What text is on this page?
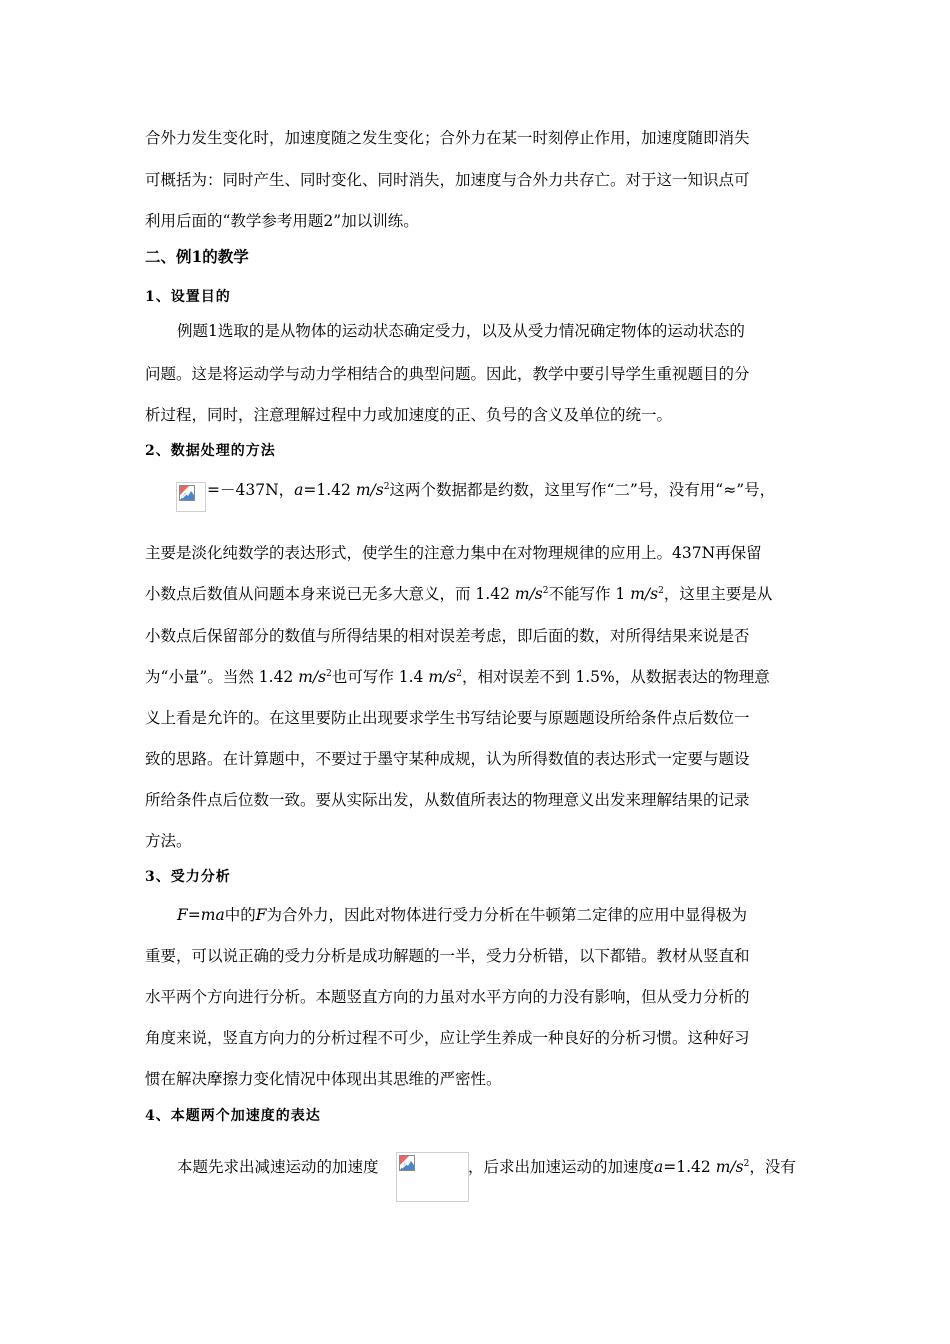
合外力发生变化时，加速度随之发生变化；合外力在某一时刻停止作用，加速度随即消失
可概括为：同时产生、同时变化、同时消失，加速度与合外力共存亡。对于这一知识点可
利用后面的“教学参考用题2”加以训练。
二、例1的教学
1、设置目的
例题1选取的是从物体的运动状态确定受力，以及从受力情况确定物体的运动状态的
问题。这是将运动学与动力学相结合的典型问题。因此，教学中要引导学生重视题目的分
析过程，同时，注意理解过程中力或加速度的正、负号的含义及单位的统一。
2、数据处理的方法
=－437N，a=1.42 $m/s^2$这两个数据都是约数，这里写作“二”号，没有用“≈”号，
主要是淡化纯数学的表达形式，使学生的注意力集中在对物理规律的应用上。437N再保留
小数点后数值从问题本身来说已无多大意义，而 1.42 $m/s^2$不能写作 1 $m/s^2$，这里主要是从
小数点后保留部分的数值与所得结果的相对误差考虑，即后面的数，对所得结果来说是否
为“小量”。当然 1.42 $m/s^2$也可写作 1.4 $m/s^2$，相对误差不到 1.5%，从数据表达的物理意
义上看是允许的。在这里要防止出现要求学生书写结论要与原题题设所给条件点后数位一
致的思路。在计算题中，不要过于墨守某种成规，认为所得数值的表达形式一定要与题设
所给条件点后位数一致。要从实际出发，从数值所表达的物理意义出发来理解结果的记录
方法。
3、受力分析
F=ma中的F为合外力，因此对物体进行受力分析在牛顿第二定律的应用中显得极为
重要，可以说正确的受力分析是成功解题的一半，受力分析错，以下都错。教材从竖直和
水平两个方向进行分析。本题竖直方向的力虽对水平方向的力没有影响，但从受力分析的
角度来说，竖直方向力的分析过程不可少，应让学生养成一种良好的分析习惯。这种好习
惯在解决摩擦力变化情况中体现出其思维的严密性。
4、本题两个加速度的表达
本题先求出减速运动的加速度	，后求出加速运动的加速度a=1.42 $m/s^2$，没有
